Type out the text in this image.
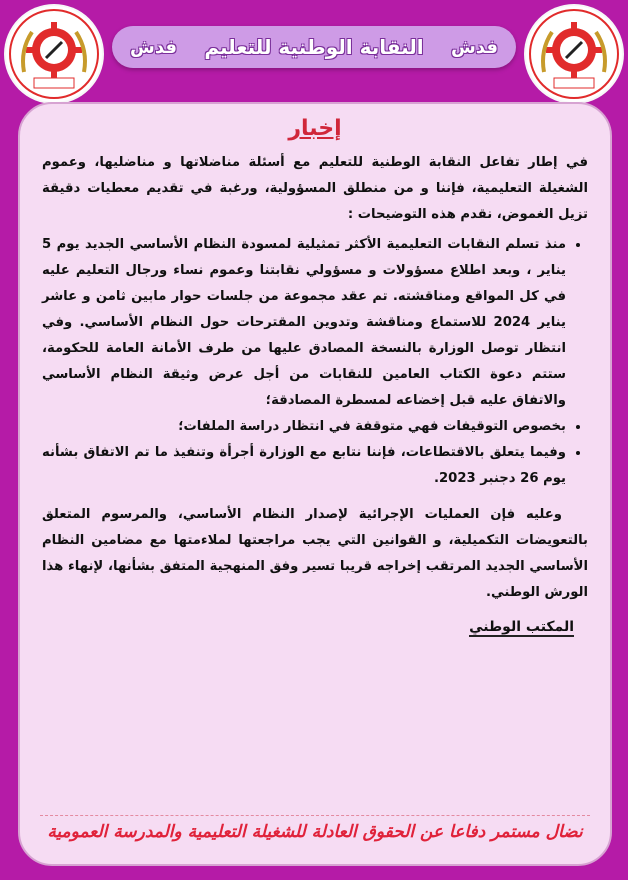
فدش النقابة الوطنية للتعليم فدش
إخبار

في إطار تفاعل النقابة الوطنية للتعليم مع أسئلة مناضلاتها و مناضليها، وعموم الشغيلة التعليمية، فإننا و من منطلق المسؤولية، ورغبة في تقديم معطيات دقيقة تزيل الغموض، نقدم هذه التوضيحات :

• منذ تسلم النقابات التعليمية الأكثر تمثيلية لمسودة النظام الأساسي الجديد يوم 5 يناير ، وبعد اطلاع مسؤولات و مسؤولي نقابتنا وعموم نساء ورجال التعليم عليه في كل المواقع ومناقشته. تم عقد مجموعة من جلسات حوار مابين ثامن و عاشر يناير 2024 للاستماع ومناقشة وتدوين المقترحات حول النظام الأساسي. وفي انتظار توصل الوزارة بالنسخة المصادق عليها من طرف الأمانة العامة للحكومة، ستتم دعوة الكتاب العامين للنقابات من أجل عرض وثيقة النظام الأساسي والاتفاق عليه قبل إخضاعه لمسطرة المصادقة؛
• بخصوص التوقيفات فهي متوقفة في انتظار دراسة الملفات؛
• وفيما يتعلق بالاقتطاعات، فإننا نتابع مع الوزارة أجرأة وتنفيذ ما تم الاتفاق بشأنه يوم 26 دجنبر 2023.

وعليه فإن العمليات الإجرائية لإصدار النظام الأساسي، والمرسوم المتعلق بالتعويضات التكميلية، و القوانين التي يجب مراجعتها لملاءمتها مع مضامين النظام الأساسي الجديد المرتقب إخراجه قريبا تسير وفق المنهجية المتفق بشأنها، لإنهاء هذا الورش الوطني.

المكتب الوطني

نضال مستمر دفاعا عن الحقوق العادلة للشغيلة التعليمية والمدرسة العمومية
